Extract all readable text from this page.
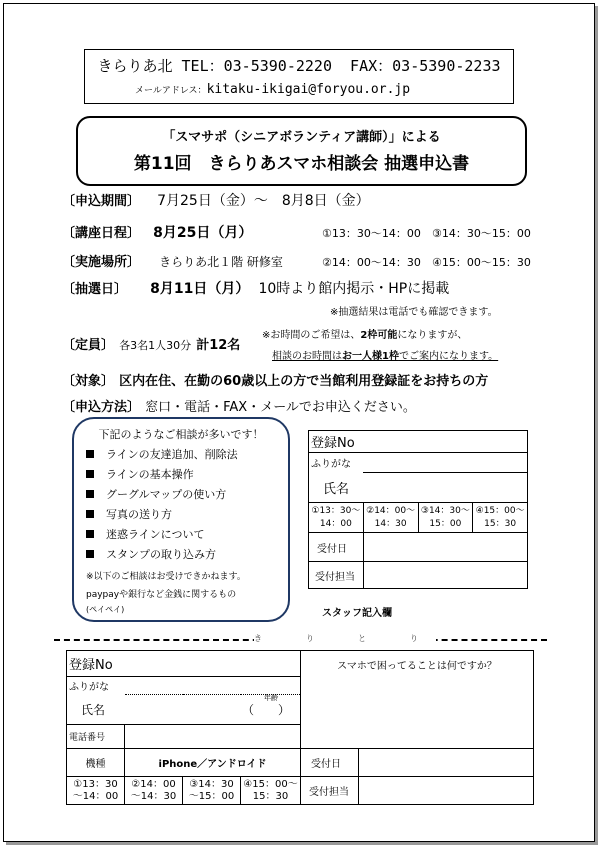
きらりあ北 TEL：03-5390-2220  FAX：03-5390-2233
メールアドレス：kitaku-ikigai@foryou.or.jp
「スマサポ（シニアボランティア講師）」による
第11回　きらりあスマホ相談会 抽選申込書
〔申込期間〕 7月25日（金）～　8月8日（金）
〔講座日程〕 8月25日（月）	①13：30～14：00 ③14：30～15：00
〔実施場所〕 きらりあ北１階 研修室	②14：00～14：30 ④15：00～15：30
〔抽選日〕 8月11日（月） 10時より館内掲示・HPに掲載
※抽選結果は電話でも確認できます。
〔定員〕 各3名1人30分 計12名
※お時間のご希望は、2枠可能になりますが、
相談のお時間はお一人様1枠でご案内になります。
〔対象〕 区内在住、在勤の60歳以上の方で当館利用登録証をお持ちの方
〔申込方法〕 窓口・電話・FAX・メールでお申込ください。
下記のようなご相談が多いです！
ラインの友達追加、削除法
ラインの基本操作
グーグルマップの使い方
写真の送り方
迷惑ラインについて
スタンプの取り込み方
※以下のご相談はお受けできかねます。
paypayや銀行など金銭に関するもの
(ペイペイ)
登録No			
ふりがな			
氏名			
①13：30～14：00	②14：00～14：30	③14：30～15：00	④15：00～15：30
受付日			
受付担当			
スタッフ記入欄
き　り　と　り
登録No				スマホで困ってることは何ですか？	
ふりがな					
氏名	年齢
（　　）				
電話番号					
機種	iPhone／アンドロイド			受付日	
①13：30～14：00	②14：00～14：30	③14：30～15：00	④15：00～15：30	受付担当	
